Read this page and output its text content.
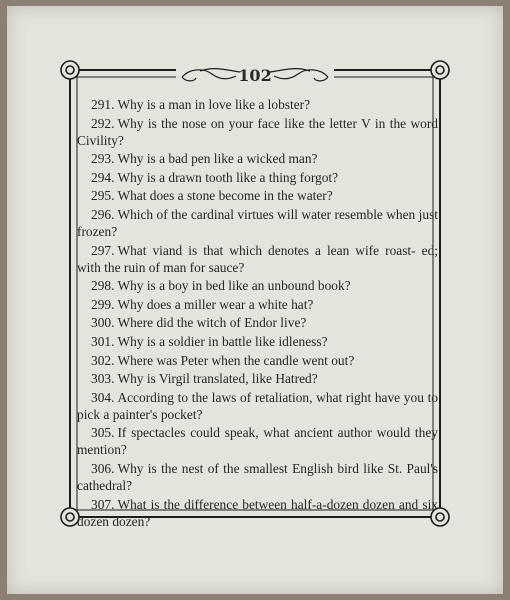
102

291. Why is a man in love like a lobster?

292. Why is the nose on your face like the letter V in the word Civility?

293. Why is a bad pen like a wicked man?

294. Why is a drawn tooth like a thing forgot?

295. What does a stone become in the water?

296. Which of the cardinal virtues will water resemble when just frozen?

297. What viand is that which denotes a lean wife roast- ed; with the ruin of man for sauce?

298. Why is a boy in bed like an unbound book?

299. Why does a miller wear a white hat?

300. Where did the witch of Endor live?

301. Why is a soldier in battle like idleness?

302. Where was Peter when the candle went out?

303. Why is Virgil translated, like Hatred?

304. According to the laws of retaliation, what right have you to pick a painter's pocket?

305. If spectacles could speak, what ancient author would they mention?

306. Why is the nest of the smallest English bird like St. Paul's cathedral?

307. What is the difference between half-a-dozen dozen and six dozen dozen?
